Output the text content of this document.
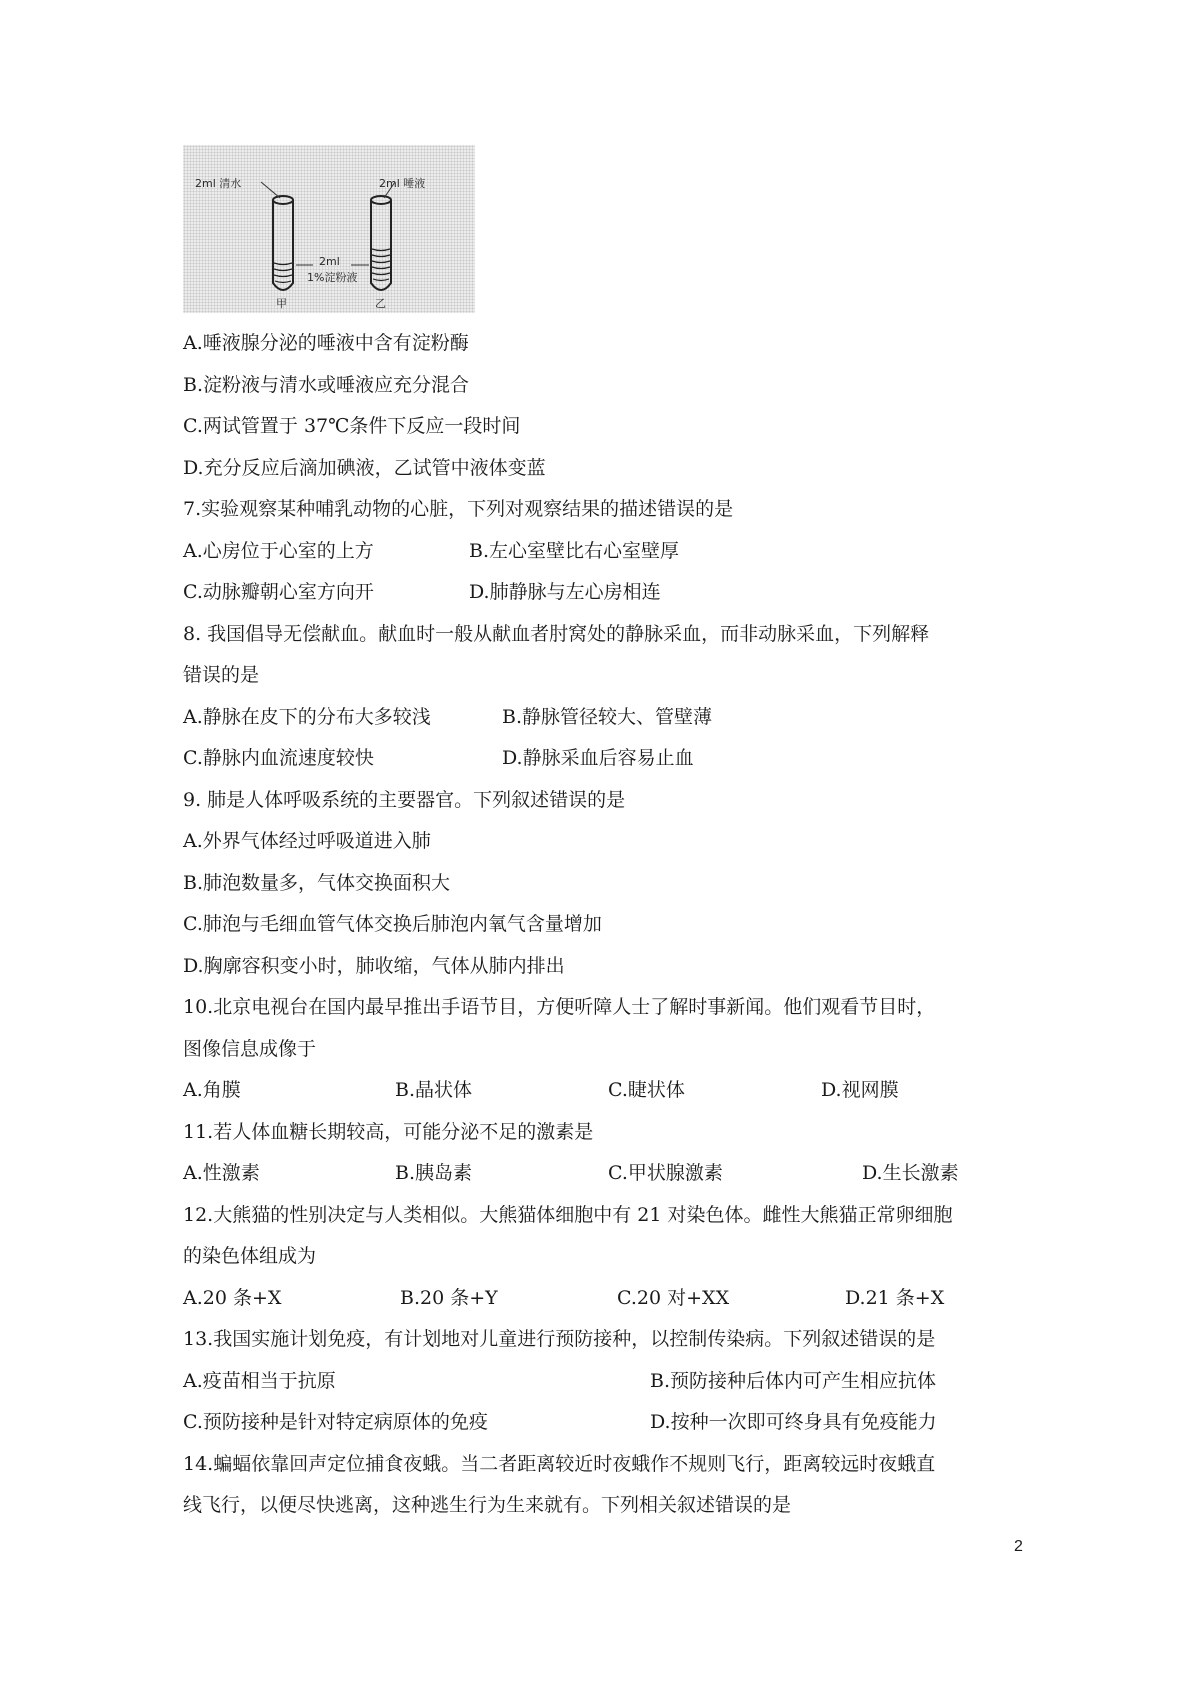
2ml 清水	2ml 唾液
2ml
1%淀粉液
甲	乙
A.唾液腺分泌的唾液中含有淀粉酶
B.淀粉液与清水或唾液应充分混合
C.两试管置于 37℃条件下反应一段时间
D.充分反应后滴加碘液，乙试管中液体变蓝
7.实验观察某种哺乳动物的心脏，下列对观察结果的描述错误的是
A.心房位于心室的上方	B.左心室壁比右心室壁厚
C.动脉瓣朝心室方向开	D.肺静脉与左心房相连
8. 我国倡导无偿献血。献血时一般从献血者肘窝处的静脉采血，而非动脉采血，下列解释
错误的是
A.静脉在皮下的分布大多较浅	B.静脉管径较大、管壁薄
C.静脉内血流速度较快	D.静脉采血后容易止血
9. 肺是人体呼吸系统的主要器官。下列叙述错误的是
A.外界气体经过呼吸道进入肺
B.肺泡数量多，气体交换面积大
C.肺泡与毛细血管气体交换后肺泡内氧气含量增加
D.胸廓容积变小时，肺收缩，气体从肺内排出
10.北京电视台在国内最早推出手语节目，方便听障人士了解时事新闻。他们观看节目时，
图像信息成像于
A.角膜	B.晶状体	C.睫状体	D.视网膜
11.若人体血糖长期较高，可能分泌不足的激素是
A.性激素	B.胰岛素	C.甲状腺激素	D.生长激素
12.大熊猫的性别决定与人类相似。大熊猫体细胞中有 21 对染色体。雌性大熊猫正常卵细胞
的染色体组成为
A.20 条+X	B.20 条+Y	C.20 对+XX	D.21 条+X
13.我国实施计划免疫，有计划地对儿童进行预防接种，以控制传染病。下列叙述错误的是
A.疫苗相当于抗原	B.预防接种后体内可产生相应抗体
C.预防接种是针对特定病原体的免疫	D.按种一次即可终身具有免疫能力
14.蝙蝠依靠回声定位捕食夜蛾。当二者距离较近时夜蛾作不规则飞行，距离较远时夜蛾直
线飞行，以便尽快逃离，这种逃生行为生来就有。下列相关叙述错误的是
2
